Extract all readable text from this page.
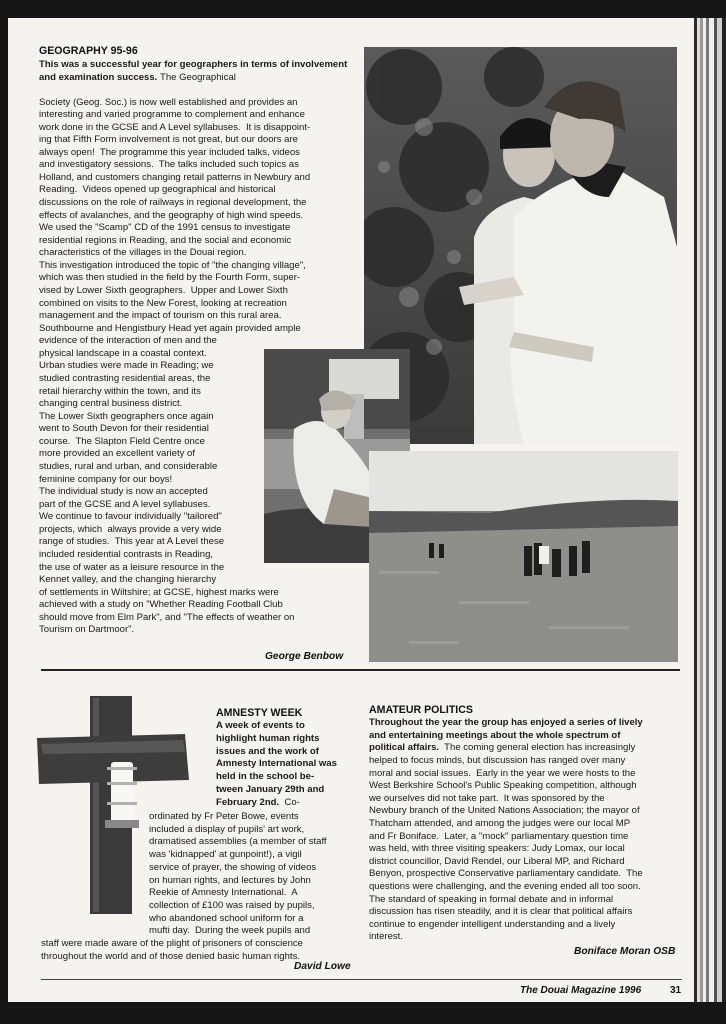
GEOGRAPHY 95-96

This was a successful year for geographers in terms of involvement and examination success. The Geographical

Society (Geog. Soc.) is now well established and provides an
interesting and varied programme to complement and enhance
work done in the GCSE and A Level syllabuses.  It is disappoint-
ing that Fifth Form involvement is not great, but our doors are
always open!  The programme this year included talks, videos
and investigatory sessions.  The talks included such topics as
Holland, and customers changing retail patterns in Newbury and
Reading.  Videos opened up geographical and historical
discussions on the role of railways in regional development, the
effects of avalanches, and the geography of high wind speeds.
We used the "Scamp" CD of the 1991 census to investigate
residential regions in Reading, and the social and economic
characteristics of the villages in the Douai region.
This investigation introduced the topic of "the changing village",
which was then studied in the field by the Fourth Form, super-
vised by Lower Sixth geographers.  Upper and Lower Sixth
combined on visits to the New Forest, looking at recreation
management and the impact of tourism on this rural area.
Southbourne and Hengistbury Head yet again provided ample
evidence of the interaction of men and the
physical landscape in a coastal context.
Urban studies were made in Reading; we
studied contrasting residential areas, the
retail hierarchy within the town, and its
changing central business district.
The Lower Sixth geographers once again
went to South Devon for their residential
course.  The Slapton Field Centre once
more provided an excellent variety of
studies, rural and urban, and considerable
feminine company for our boys!
The individual study is now an accepted
part of the GCSE and A level syllabuses.
We continue to favour individually "tailored"
projects, which  always provide a very wide
range of studies.  This year at A Level these
included residential contrasts in Reading,
the use of water as a leisure resource in the
Kennet valley, and the changing hierarchy
of settlements in Wiltshire; at GCSE, highest marks were
achieved with a study on "Whether Reading Football Club
should move from Elm Park", and "The effects of weather on
Tourism on Dartmoor".
George Benbow

AMNESTY WEEK

A week of events to
highlight human rights
issues and the work of
Amnesty International was
held in the school be-
tween January 29th and
February 2nd. Co-
ordinated by Fr Peter Bowe, events
included a display of pupils' art work,
dramatised assemblies (a member of staff
was 'kidnapped' at gunpoint!), a vigil
service of prayer, the showing of videos
on human rights, and lectures by John
Reekie of Amnesty International.  A
collection of £100 was raised by pupils,
who abandoned school uniform for a
mufti day.  During the week pupils and
staff were made aware of the plight of prisoners of conscience
throughout the world and of those denied basic human rights.
David Lowe

AMATEUR POLITICS

Throughout the year the group has enjoyed a series of lively
and entertaining meetings about the whole spectrum of
political affairs. The coming general election has increasingly
helped to focus minds, but discussion has ranged over many
moral and social issues.  Early in the year we were hosts to the
West Berkshire School's Public Speaking competition, although
we ourselves did not take part.  It was sponsored by the
Newbury branch of the United Nations Association; the mayor of
Thatcham attended, and among the judges were our local MP
and Fr Boniface.  Later, a "mock" parliamentary question time
was held, with three visiting speakers: Judy Lomax, our local
district councillor, David Rendel, our Liberal MP, and Richard
Benyon, prospective Conservative parliamentary candidate.  The
questions were challenging, and the evening ended all too soon.
The standard of speaking in formal debate and in informal
discussion has risen steadily, and it is clear that political affairs
continue to engender intelligent understanding and a lively
interest.
Boniface Moran OSB
The Douai Magazine 1996	31
